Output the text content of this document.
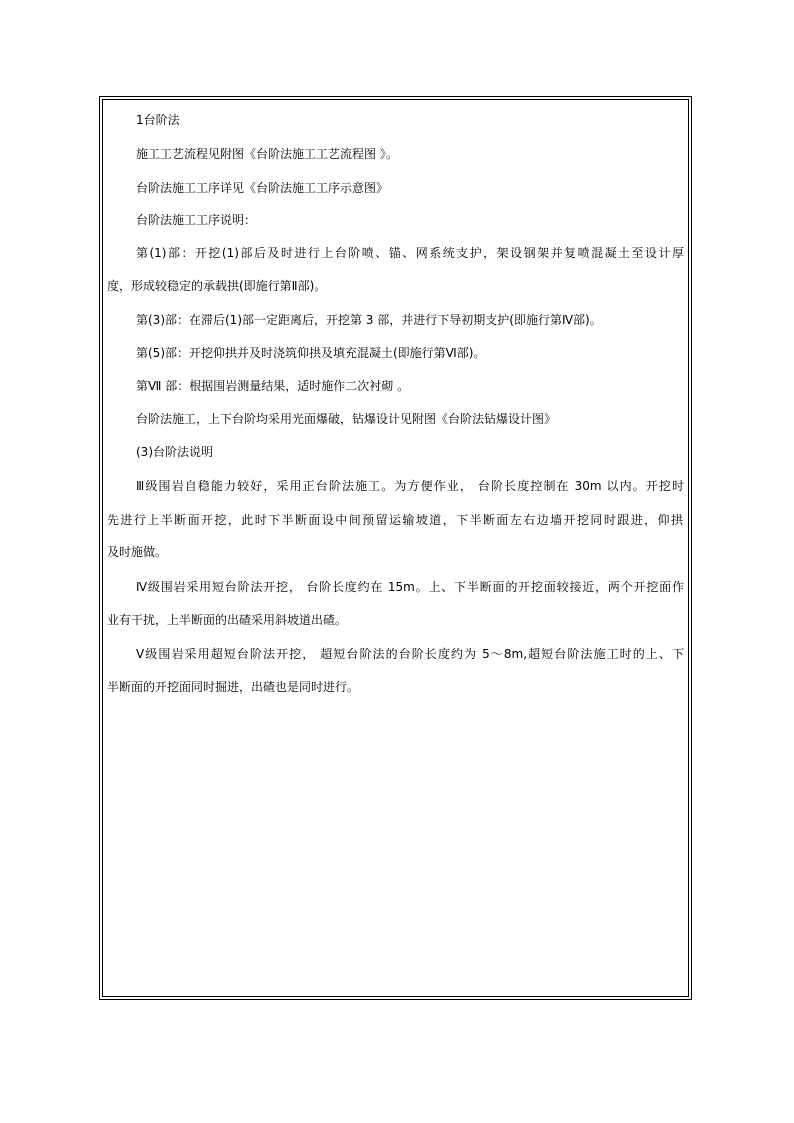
1台阶法
施工工艺流程见附图《台阶法施工工艺流程图 》。
台阶法施工工序详见《台阶法施工工序示意图》
台阶法施工工序说明：
第(1)部：开挖(1)部后及时进行上台阶喷、锚、网系统支护，架设钢架并复喷混凝土至设计厚
度，形成较稳定的承载拱(即施行第Ⅱ部)。
第(3)部：在滞后(1)部一定距离后，开挖第 3 部，并进行下导初期支护(即施行第Ⅳ部)。
第(5)部：开挖仰拱并及时浇筑仰拱及填充混凝土(即施行第Ⅵ部)。
第Ⅶ 部：根据围岩测量结果，适时施作二次衬砌 。
台阶法施工，上下台阶均采用光面爆破，钻爆设计见附图《台阶法钻爆设计图》
(3)台阶法说明
Ⅲ级围岩自稳能力较好，采用正台阶法施工。为方便作业， 台阶长度控制在 30m 以内。开挖时
先进行上半断面开挖，此时下半断面设中间预留运输坡道，下半断面左右边墙开挖同时跟进，仰拱
及时施做。
Ⅳ级围岩采用短台阶法开挖， 台阶长度约在 15m。上、下半断面的开挖面较接近，两个开挖面作
业有干扰，上半断面的出碴采用斜坡道出碴。
Ⅴ级围岩采用超短台阶法开挖， 超短台阶法的台阶长度约为 5～8m,超短台阶法施工时的上、下
半断面的开挖面同时掘进，出碴也是同时进行。
